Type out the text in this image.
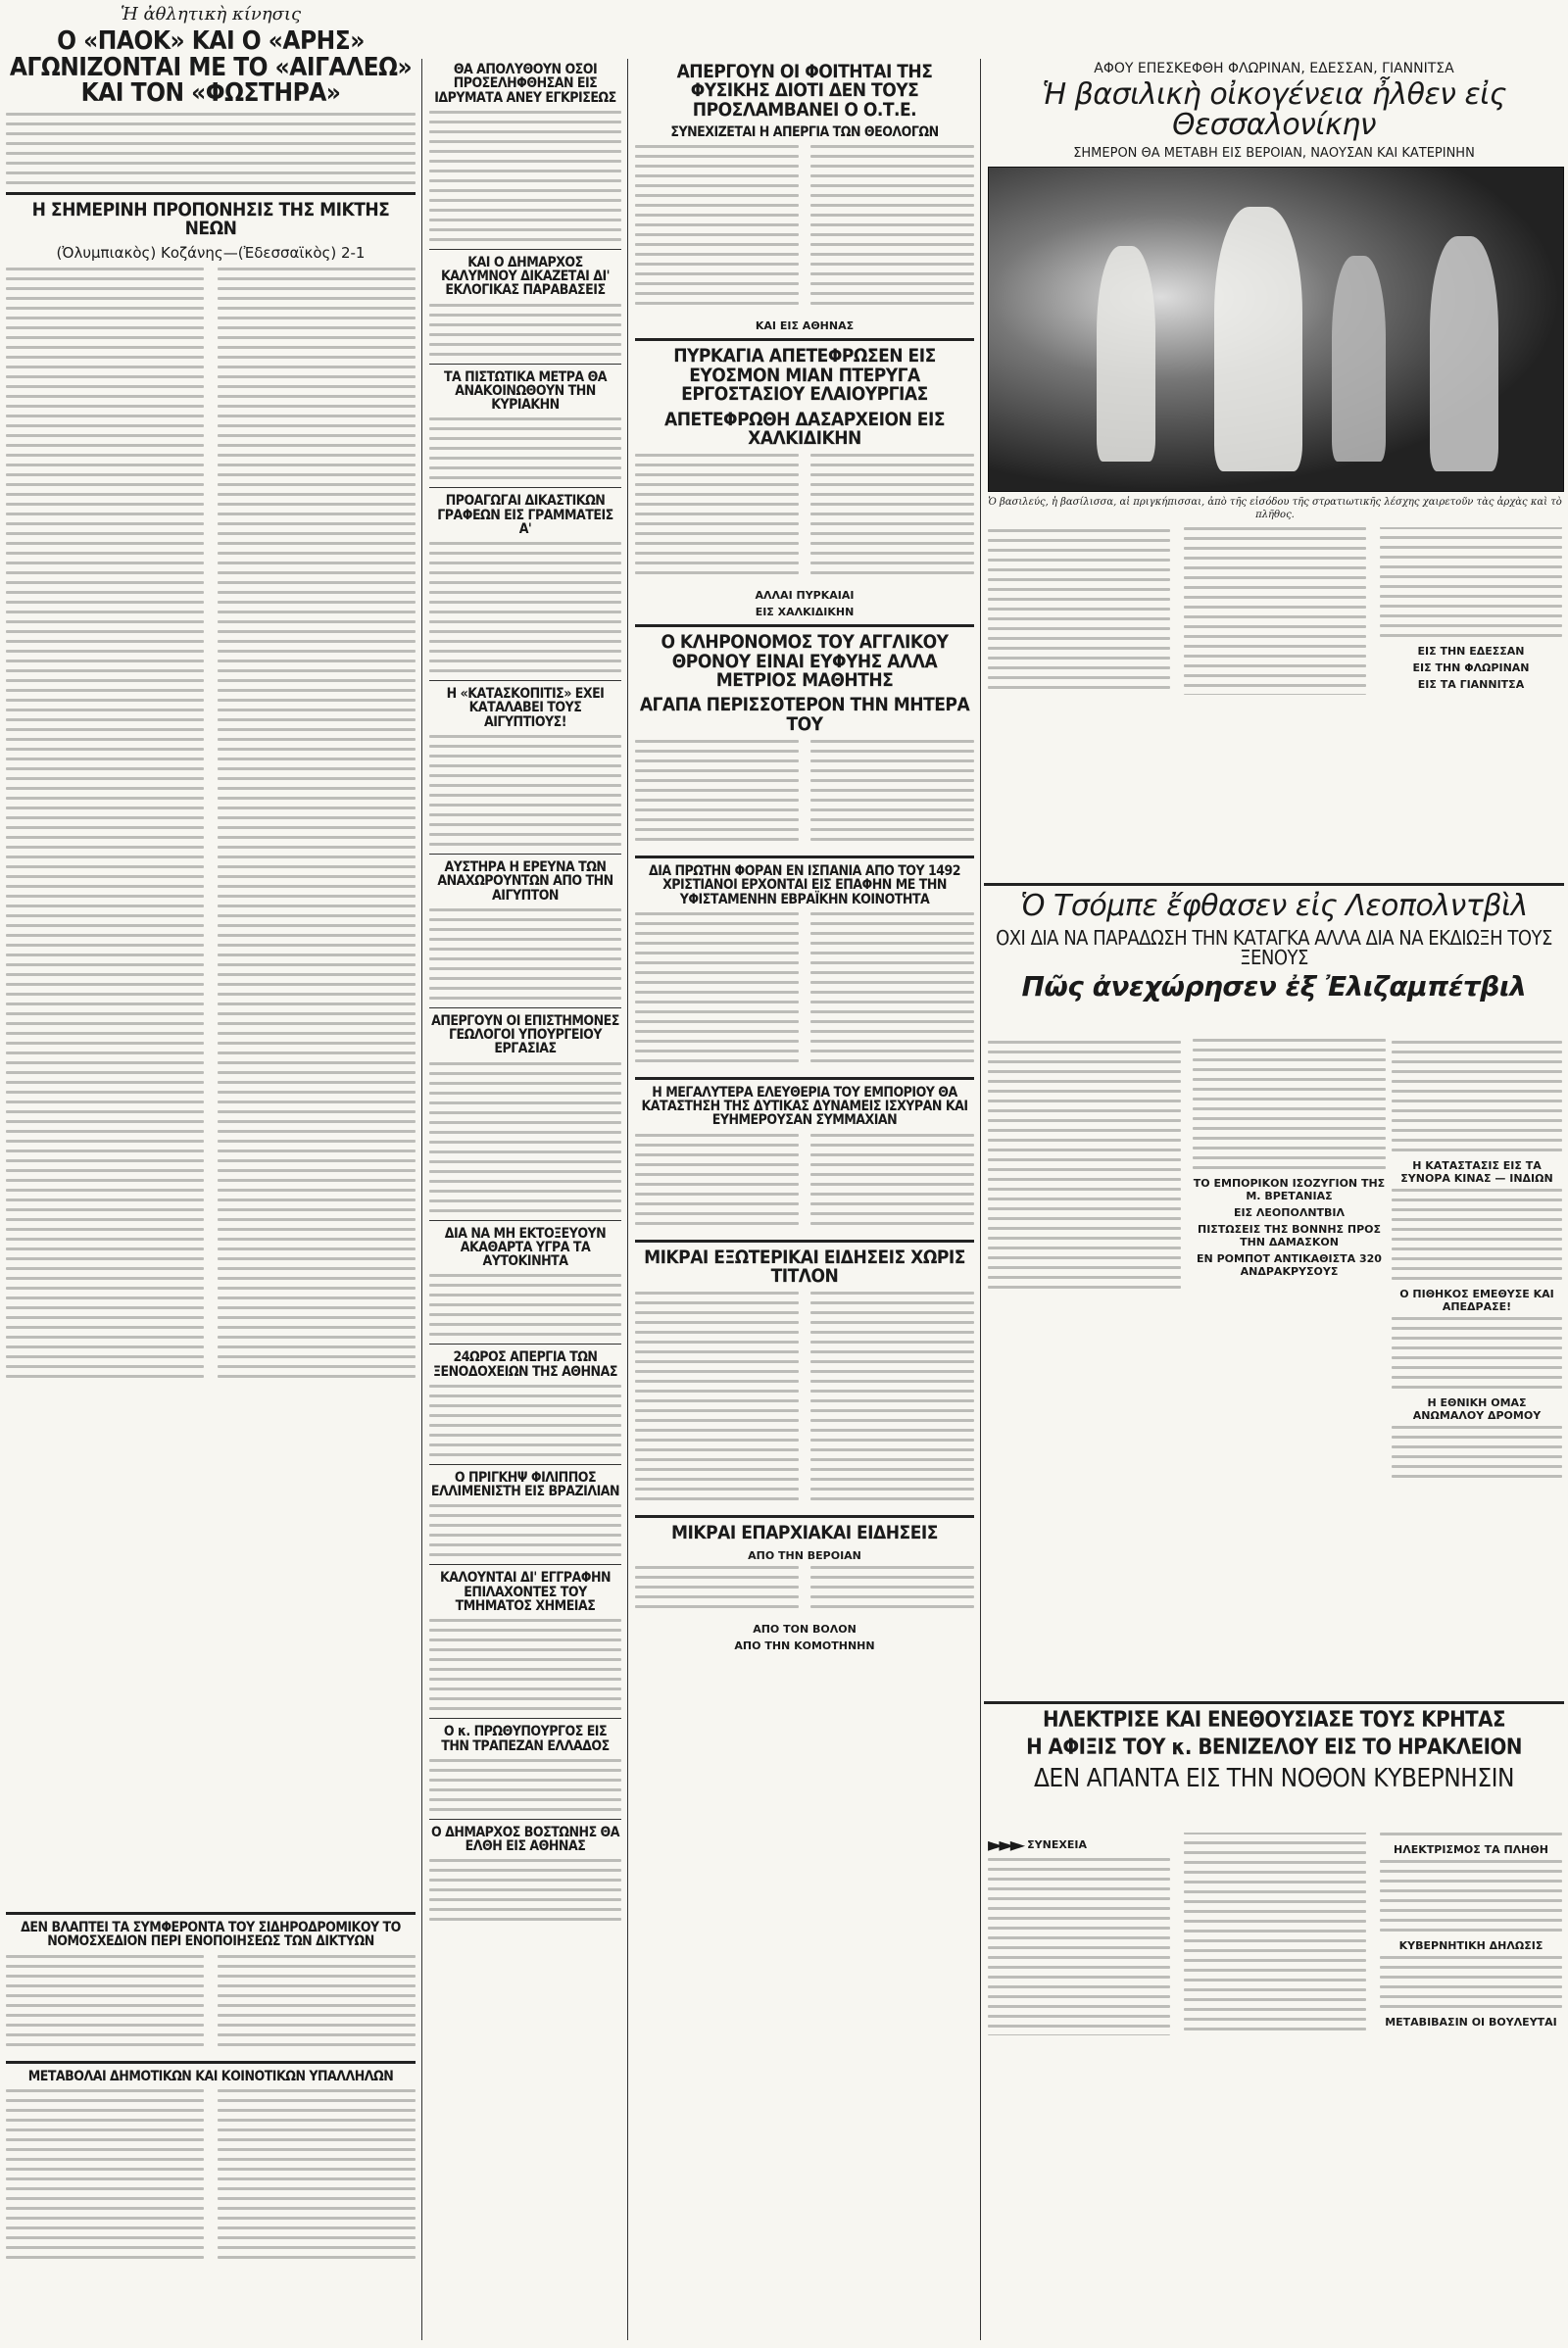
Ἡ ἀθλητικὴ κίνησις
Ο «ΠΑΟΚ» ΚΑΙ Ο «ΑΡΗΣ» ΑΓΩΝΙΖΟΝΤΑΙ ΜΕ ΤΟ «ΑΙΓΑΛΕΩ» ΚΑΙ ΤΟΝ «ΦΩΣΤΗΡΑ»
Η ΣΗΜΕΡΙΝΗ ΠΡΟΠΟΝΗΣΙΣ ΤΗΣ ΜΙΚΤΗΣ ΝΕΩΝ
(Ὀλυμπιακὸς) Κοζάνης—(Ἐδεσσαϊκὸς) 2-1
ΔΕΝ ΒΛΑΠΤΕΙ ΤΑ ΣΥΜΦΕΡΟΝΤΑ ΤΟΥ ΣΙΔΗΡΟΔΡΟΜΙΚΟΥ ΤΟ ΝΟΜΟΣΧΕΔΙΟΝ ΠΕΡΙ ΕΝΟΠΟΙΗΣΕΩΣ ΤΩΝ ΔΙΚΤΥΩΝ
ΜΕΤΑΒΟΛΑΙ ΔΗΜΟΤΙΚΩΝ ΚΑΙ ΚΟΙΝΟΤΙΚΩΝ ΥΠΑΛΛΗΛΩΝ
ΘΑ ΑΠΟΛΥΘΟΥΝ ΟΣΟΙ ΠΡΟΣΕΛΗΦΘΗΣΑΝ ΕΙΣ ΙΔΡΥΜΑΤΑ ΑΝΕΥ ΕΓΚΡΙΣΕΩΣ
ΚΑΙ Ο ΔΗΜΑΡΧΟΣ ΚΑΛΥΜΝΟΥ ΔΙΚΑΖΕΤΑΙ ΔΙ' ΕΚΛΟΓΙΚΑΣ ΠΑΡΑΒΑΣΕΙΣ
ΤΑ ΠΙΣΤΩΤΙΚΑ ΜΕΤΡΑ ΘΑ ΑΝΑΚΟΙΝΩΘΟΥΝ ΤΗΝ ΚΥΡΙΑΚΗΝ
ΠΡΟΑΓΩΓΑΙ ΔΙΚΑΣΤΙΚΩΝ ΓΡΑΦΕΩΝ ΕΙΣ ΓΡΑΜΜΑΤΕΙΣ Α'
Η «ΚΑΤΑΣΚΟΠΙΤΙΣ» ΕΧΕΙ ΚΑΤΑΛΑΒΕΙ ΤΟΥΣ ΑΙΓΥΠΤΙΟΥΣ!
ΑΥΣΤΗΡΑ Η ΕΡΕΥΝΑ ΤΩΝ ΑΝΑΧΩΡΟΥΝΤΩΝ ΑΠΟ ΤΗΝ ΑΙΓΥΠΤΟΝ
ΑΠΕΡΓΟΥΝ ΟΙ ΕΠΙΣΤΗΜΟΝΕΣ ΓΕΩΛΟΓΟΙ ΥΠΟΥΡΓΕΙΟΥ ΕΡΓΑΣΙΑΣ
ΔΙΑ ΝΑ ΜΗ ΕΚΤΟΞΕΥΟΥΝ ΑΚΑΘΑΡΤΑ ΥΓΡΑ ΤΑ ΑΥΤΟΚΙΝΗΤΑ
24ΩΡΟΣ ΑΠΕΡΓΙΑ ΤΩΝ ΞΕΝΟΔΟΧΕΙΩΝ ΤΗΣ ΑΘΗΝΑΣ
Ο ΠΡΙΓΚΗΨ ΦΙΛΙΠΠΟΣ ΕΛΛΙΜΕΝΙΣΤΗ ΕΙΣ ΒΡΑΖΙΛΙΑΝ
ΚΑΛΟΥΝΤΑΙ ΔΙ' ΕΓΓΡΑΦΗΝ ΕΠΙΛΑΧΟΝΤΕΣ ΤΟΥ ΤΜΗΜΑΤΟΣ ΧΗΜΕΙΑΣ
Ο κ. ΠΡΩΘΥΠΟΥΡΓΟΣ ΕΙΣ ΤΗΝ ΤΡΑΠΕΖΑΝ ΕΛΛΑΔΟΣ
Ο ΔΗΜΑΡΧΟΣ ΒΟΣΤΩΝΗΣ ΘΑ ΕΛΘΗ ΕΙΣ ΑΘΗΝΑΣ
ΑΠΕΡΓΟΥΝ ΟΙ ΦΟΙΤΗΤΑΙ ΤΗΣ ΦΥΣΙΚΗΣ ΔΙΟΤΙ ΔΕΝ ΤΟΥΣ ΠΡΟΣΛΑΜΒΑΝΕΙ Ο Ο.Τ.Ε.
ΣΥΝΕΧΙΖΕΤΑΙ Η ΑΠΕΡΓΙΑ ΤΩΝ ΘΕΟΛΟΓΩΝ
ΚΑΙ ΕΙΣ ΑΘΗΝΑΣ
ΠΥΡΚΑΓΙΑ ΑΠΕΤΕΦΡΩΣΕΝ ΕΙΣ ΕΥΟΣΜΟΝ ΜΙΑΝ ΠΤΕΡΥΓΑ ΕΡΓΟΣΤΑΣΙΟΥ ΕΛΑΙΟΥΡΓΙΑΣ
ΑΠΕΤΕΦΡΩΘΗ ΔΑΣΑΡΧΕΙΟΝ ΕΙΣ ΧΑΛΚΙΔΙΚΗΝ
ΑΛΛΑΙ ΠΥΡΚΑΙΑΙ
ΕΙΣ ΧΑΛΚΙΔΙΚΗΝ
Ο ΚΛΗΡΟΝΟΜΟΣ ΤΟΥ ΑΓΓΛΙΚΟΥ ΘΡΟΝΟΥ ΕΙΝΑΙ ΕΥΦΥΗΣ ΑΛΛΑ ΜΕΤΡΙΟΣ ΜΑΘΗΤΗΣ
ΑΓΑΠΑ ΠΕΡΙΣΣΟΤΕΡΟΝ ΤΗΝ ΜΗΤΕΡΑ ΤΟΥ
ΔΙΑ ΠΡΩΤΗΝ ΦΟΡΑΝ ΕΝ ΙΣΠΑΝΙΑ ΑΠΟ ΤΟΥ 1492 ΧΡΙΣΤΙΑΝΟΙ ΕΡΧΟΝΤΑΙ ΕΙΣ ΕΠΑΦΗΝ ΜΕ ΤΗΝ ΥΦΙΣΤΑΜΕΝΗΝ ΕΒΡΑΪΚΗΝ ΚΟΙΝΟΤΗΤΑ
Η ΜΕΓΑΛΥΤΕΡΑ ΕΛΕΥΘΕΡΙΑ ΤΟΥ ΕΜΠΟΡΙΟΥ ΘΑ ΚΑΤΑΣΤΗΣΗ ΤΗΣ ΔΥΤΙΚΑΣ ΔΥΝΑΜΕΙΣ ΙΣΧΥΡΑΝ ΚΑΙ ΕΥΗΜΕΡΟΥΣΑΝ ΣΥΜΜΑΧΙΑΝ
ΜΙΚΡΑΙ ΕΞΩΤΕΡΙΚΑΙ ΕΙΔΗΣΕΙΣ ΧΩΡΙΣ ΤΙΤΛΟΝ
ΜΙΚΡΑΙ ΕΠΑΡΧΙΑΚΑΙ ΕΙΔΗΣΕΙΣ
ΑΠΟ ΤΗΝ ΒΕΡΟΙΑΝ
ΑΠΟ ΤΟΝ ΒΟΛΟΝ
ΑΠΟ ΤΗΝ ΚΟΜΟΤΗΝΗΝ
ΑΦΟΥ ΕΠΕΣΚΕΦΘΗ ΦΛΩΡΙΝΑΝ, ΕΔΕΣΣΑΝ, ΓΙΑΝΝΙΤΣΑ
Ἡ βασιλικὴ οἰκογένεια ἦλθεν εἰς Θεσσαλονίκην
ΣΗΜΕΡΟΝ ΘΑ ΜΕΤΑΒΗ ΕΙΣ ΒΕΡΟΙΑΝ, ΝΑΟΥΣΑΝ ΚΑΙ ΚΑΤΕΡΙΝΗΝ
Ὁ βασιλεύς, ἡ βασίλισσα, αἱ πριγκήπισσαι, ἀπὸ τῆς εἰσόδου τῆς στρατιωτικῆς λέσχης χαιρετοῦν τὰς ἀρχὰς καὶ τὸ πλῆθος.
ΕΙΣ ΤΗΝ ΕΔΕΣΣΑΝ
ΕΙΣ ΤΗΝ ΦΛΩΡΙΝΑΝ
ΕΙΣ ΤΑ ΓΙΑΝΝΙΤΣΑ
Ὁ Τσόμπε ἔφθασεν εἰς Λεοπολντβὶλ
ΟΧΙ ΔΙΑ ΝΑ ΠΑΡΑΔΩΣΗ ΤΗΝ ΚΑΤΑΓΚΑ ΑΛΛΑ ΔΙΑ ΝΑ ΕΚΔΙΩΞΗ ΤΟΥΣ ΞΕΝΟΥΣ
Πῶς ἀνεχώρησεν ἐξ Ἐλιζαμπέτβιλ
ΤΟ ΕΜΠΟΡΙΚΟΝ ΙΣΟΖΥΓΙΟΝ ΤΗΣ Μ. ΒΡΕΤΑΝΙΑΣ
ΕΙΣ ΛΕΟΠΟΛΝΤΒΙΛ
ΠΙΣΤΩΣΕΙΣ ΤΗΣ ΒΟΝΝΗΣ ΠΡΟΣ ΤΗΝ ΔΑΜΑΣΚΟΝ
ΕΝ ΡΟΜΠΟΤ ΑΝΤΙΚΑΘΙΣΤΑ 320 ΑΝΔΡΑΚΡΥΣΟΥΣ
Η ΚΑΤΑΣΤΑΣΙΣ ΕΙΣ ΤΑ ΣΥΝΟΡΑ ΚΙΝΑΣ — ΙΝΔΙΩΝ
Ο ΠΙΘΗΚΟΣ ΕΜΕΘΥΣΕ ΚΑΙ ΑΠΕΔΡΑΣΕ!
Η ΕΘΝΙΚΗ ΟΜΑΣ ΑΝΩΜΑΛΟΥ ΔΡΟΜΟΥ
ΗΛΕΚΤΡΙΣΕ ΚΑΙ ΕΝΕΘΟΥΣΙΑΣΕ ΤΟΥΣ ΚΡΗΤΑΣ
Η ΑΦΙΞΙΣ ΤΟΥ κ. ΒΕΝΙΖΕΛΟΥ ΕΙΣ ΤΟ ΗΡΑΚΛΕΙΟΝ
ΔΕΝ ΑΠΑΝΤΑ ΕΙΣ ΤΗΝ ΝΟΘΟΝ ΚΥΒΕΡΝΗΣΙΝ
►►► ΣΥΝΕΧΕΙΑ	ΗΛΕΚΤΡΙΣΜΟΣ ΤΑ ΠΛΗΘΗ
ΚΥΒΕΡΝΗΤΙΚΗ ΔΗΛΩΣΙΣ
ΜΕΤΑΒΙΒΑΣΙΝ ΟΙ ΒΟΥΛΕΥΤΑΙ
